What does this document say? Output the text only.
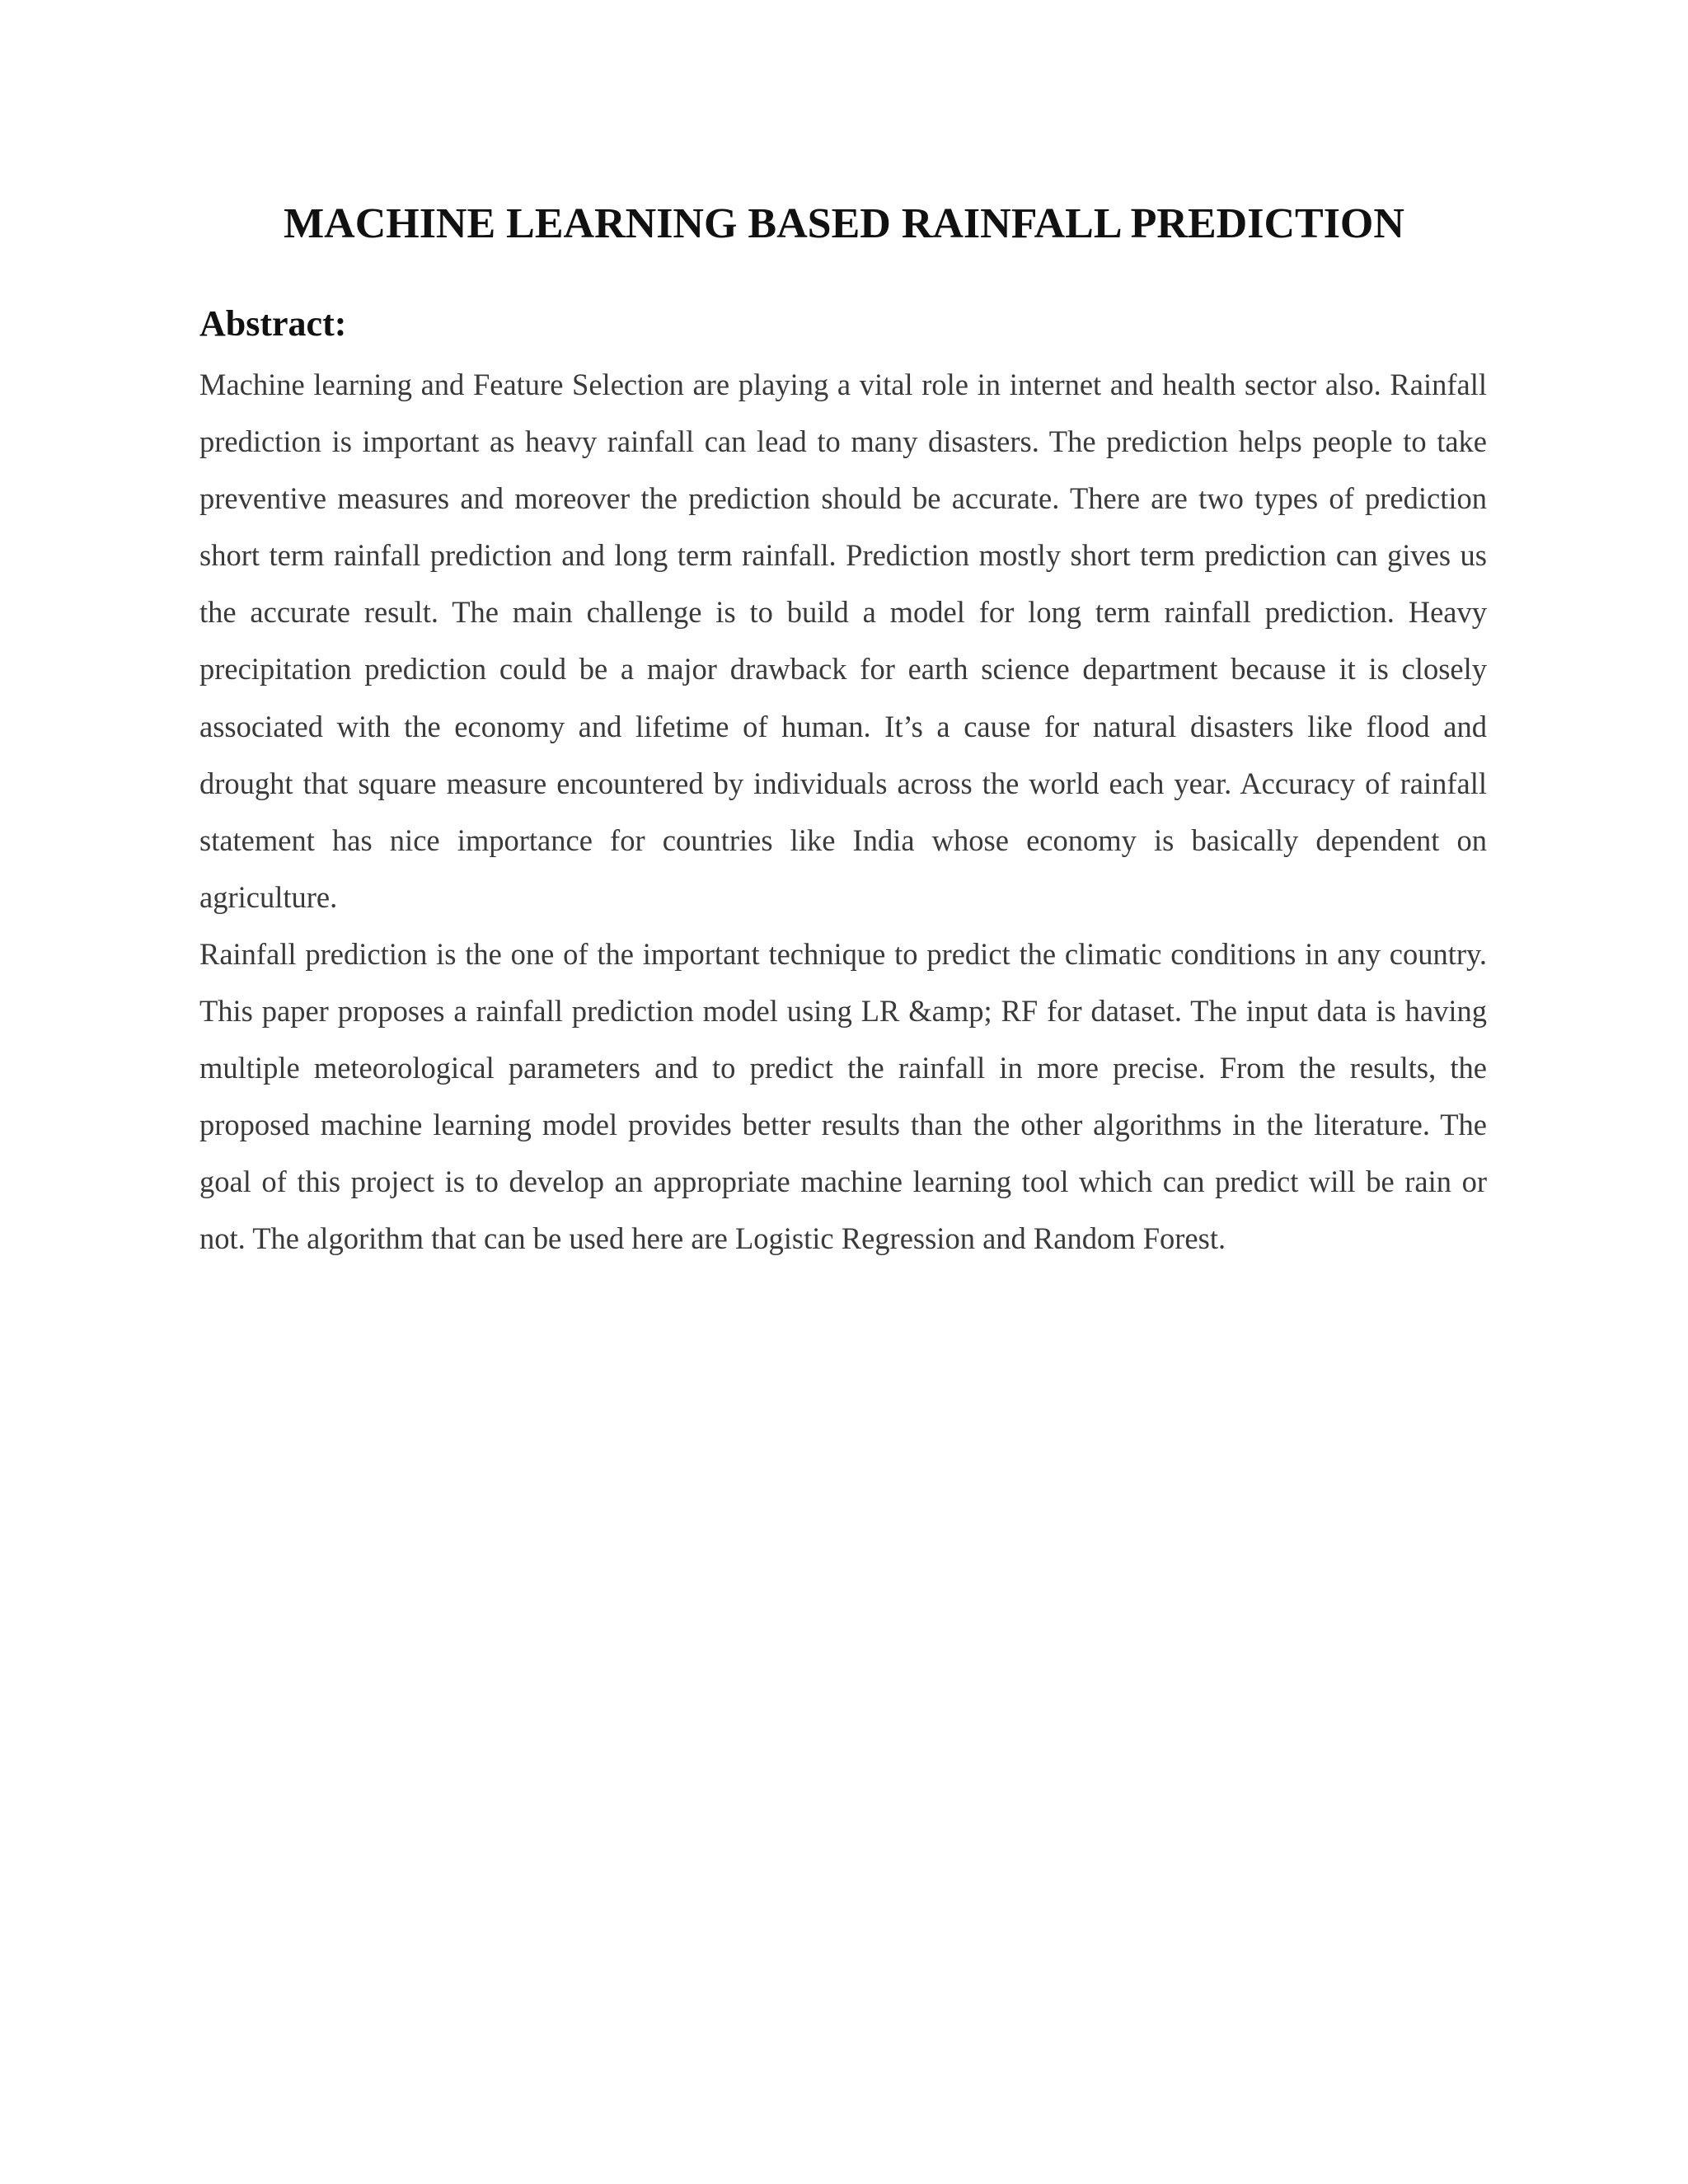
MACHINE LEARNING BASED RAINFALL PREDICTION
Abstract:

Machine learning and Feature Selection are playing a vital role in internet and health sector also. Rainfall prediction is important as heavy rainfall can lead to many disasters. The prediction helps people to take preventive measures and moreover the prediction should be accurate. There are two types of prediction short term rainfall prediction and long term rainfall. Prediction mostly short term prediction can gives us the accurate result. The main challenge is to build a model for long term rainfall prediction. Heavy precipitation prediction could be a major drawback for earth science department because it is closely associated with the economy and lifetime of human. It’s a cause for natural disasters like flood and drought that square measure encountered by individuals across the world each year. Accuracy of rainfall statement has nice importance for countries like India whose economy is basically dependent on agriculture.

Rainfall prediction is the one of the important technique to predict the climatic conditions in any country. This paper proposes a rainfall prediction model using LR &amp; RF for dataset. The input data is having multiple meteorological parameters and to predict the rainfall in more precise. From the results, the proposed machine learning model provides better results than the other algorithms in the literature. The goal of this project is to develop an appropriate machine learning tool which can predict will be rain or not. The algorithm that can be used here are Logistic Regression and Random Forest.
